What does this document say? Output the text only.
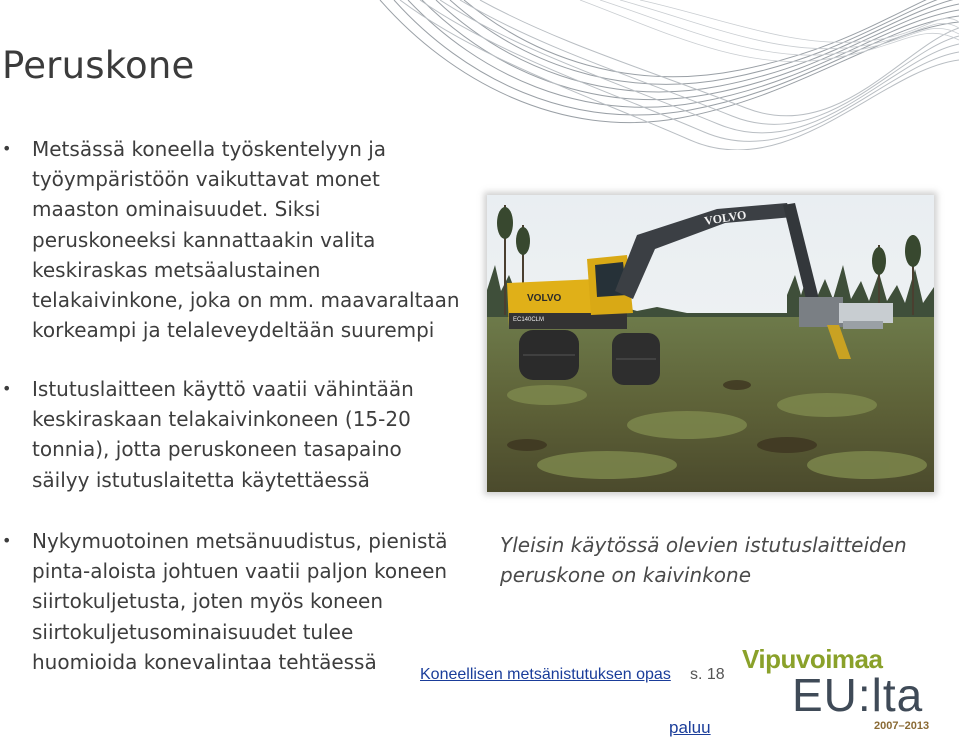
Peruskone
• Metsässä koneella työskentelyyn ja
työympäristöön vaikuttavat monet
maaston ominaisuudet. Siksi
peruskoneeksi kannattaakin valita
keskiraskas metsäalustainen
telakaivinkone, joka on mm. maavaraltaan
korkeampi ja telaleveydeltään suurempi
• Istutuslaitteen käyttö vaatii vähintään
keskiraskaan telakaivinkoneen (15-20
tonnia), jotta peruskoneen tasapaino
säilyy istutuslaitetta käytettäessä
• Nykymuotoinen metsänuudistus, pienistä
pinta-aloista johtuen vaatii paljon koneen
siirtokuljetusta, joten myös koneen
siirtokuljetusominaisuudet tulee
huomioida konevalintaa tehtäessä
VOLVO
EC140CLM
VOLVO
Yleisin käytössä olevien istutuslaitteiden
peruskone on kaivinkone
Koneellisen metsänistutuksen opas s. 18
paluu
Vipuvoimaa
EU:lta
2007–2013
